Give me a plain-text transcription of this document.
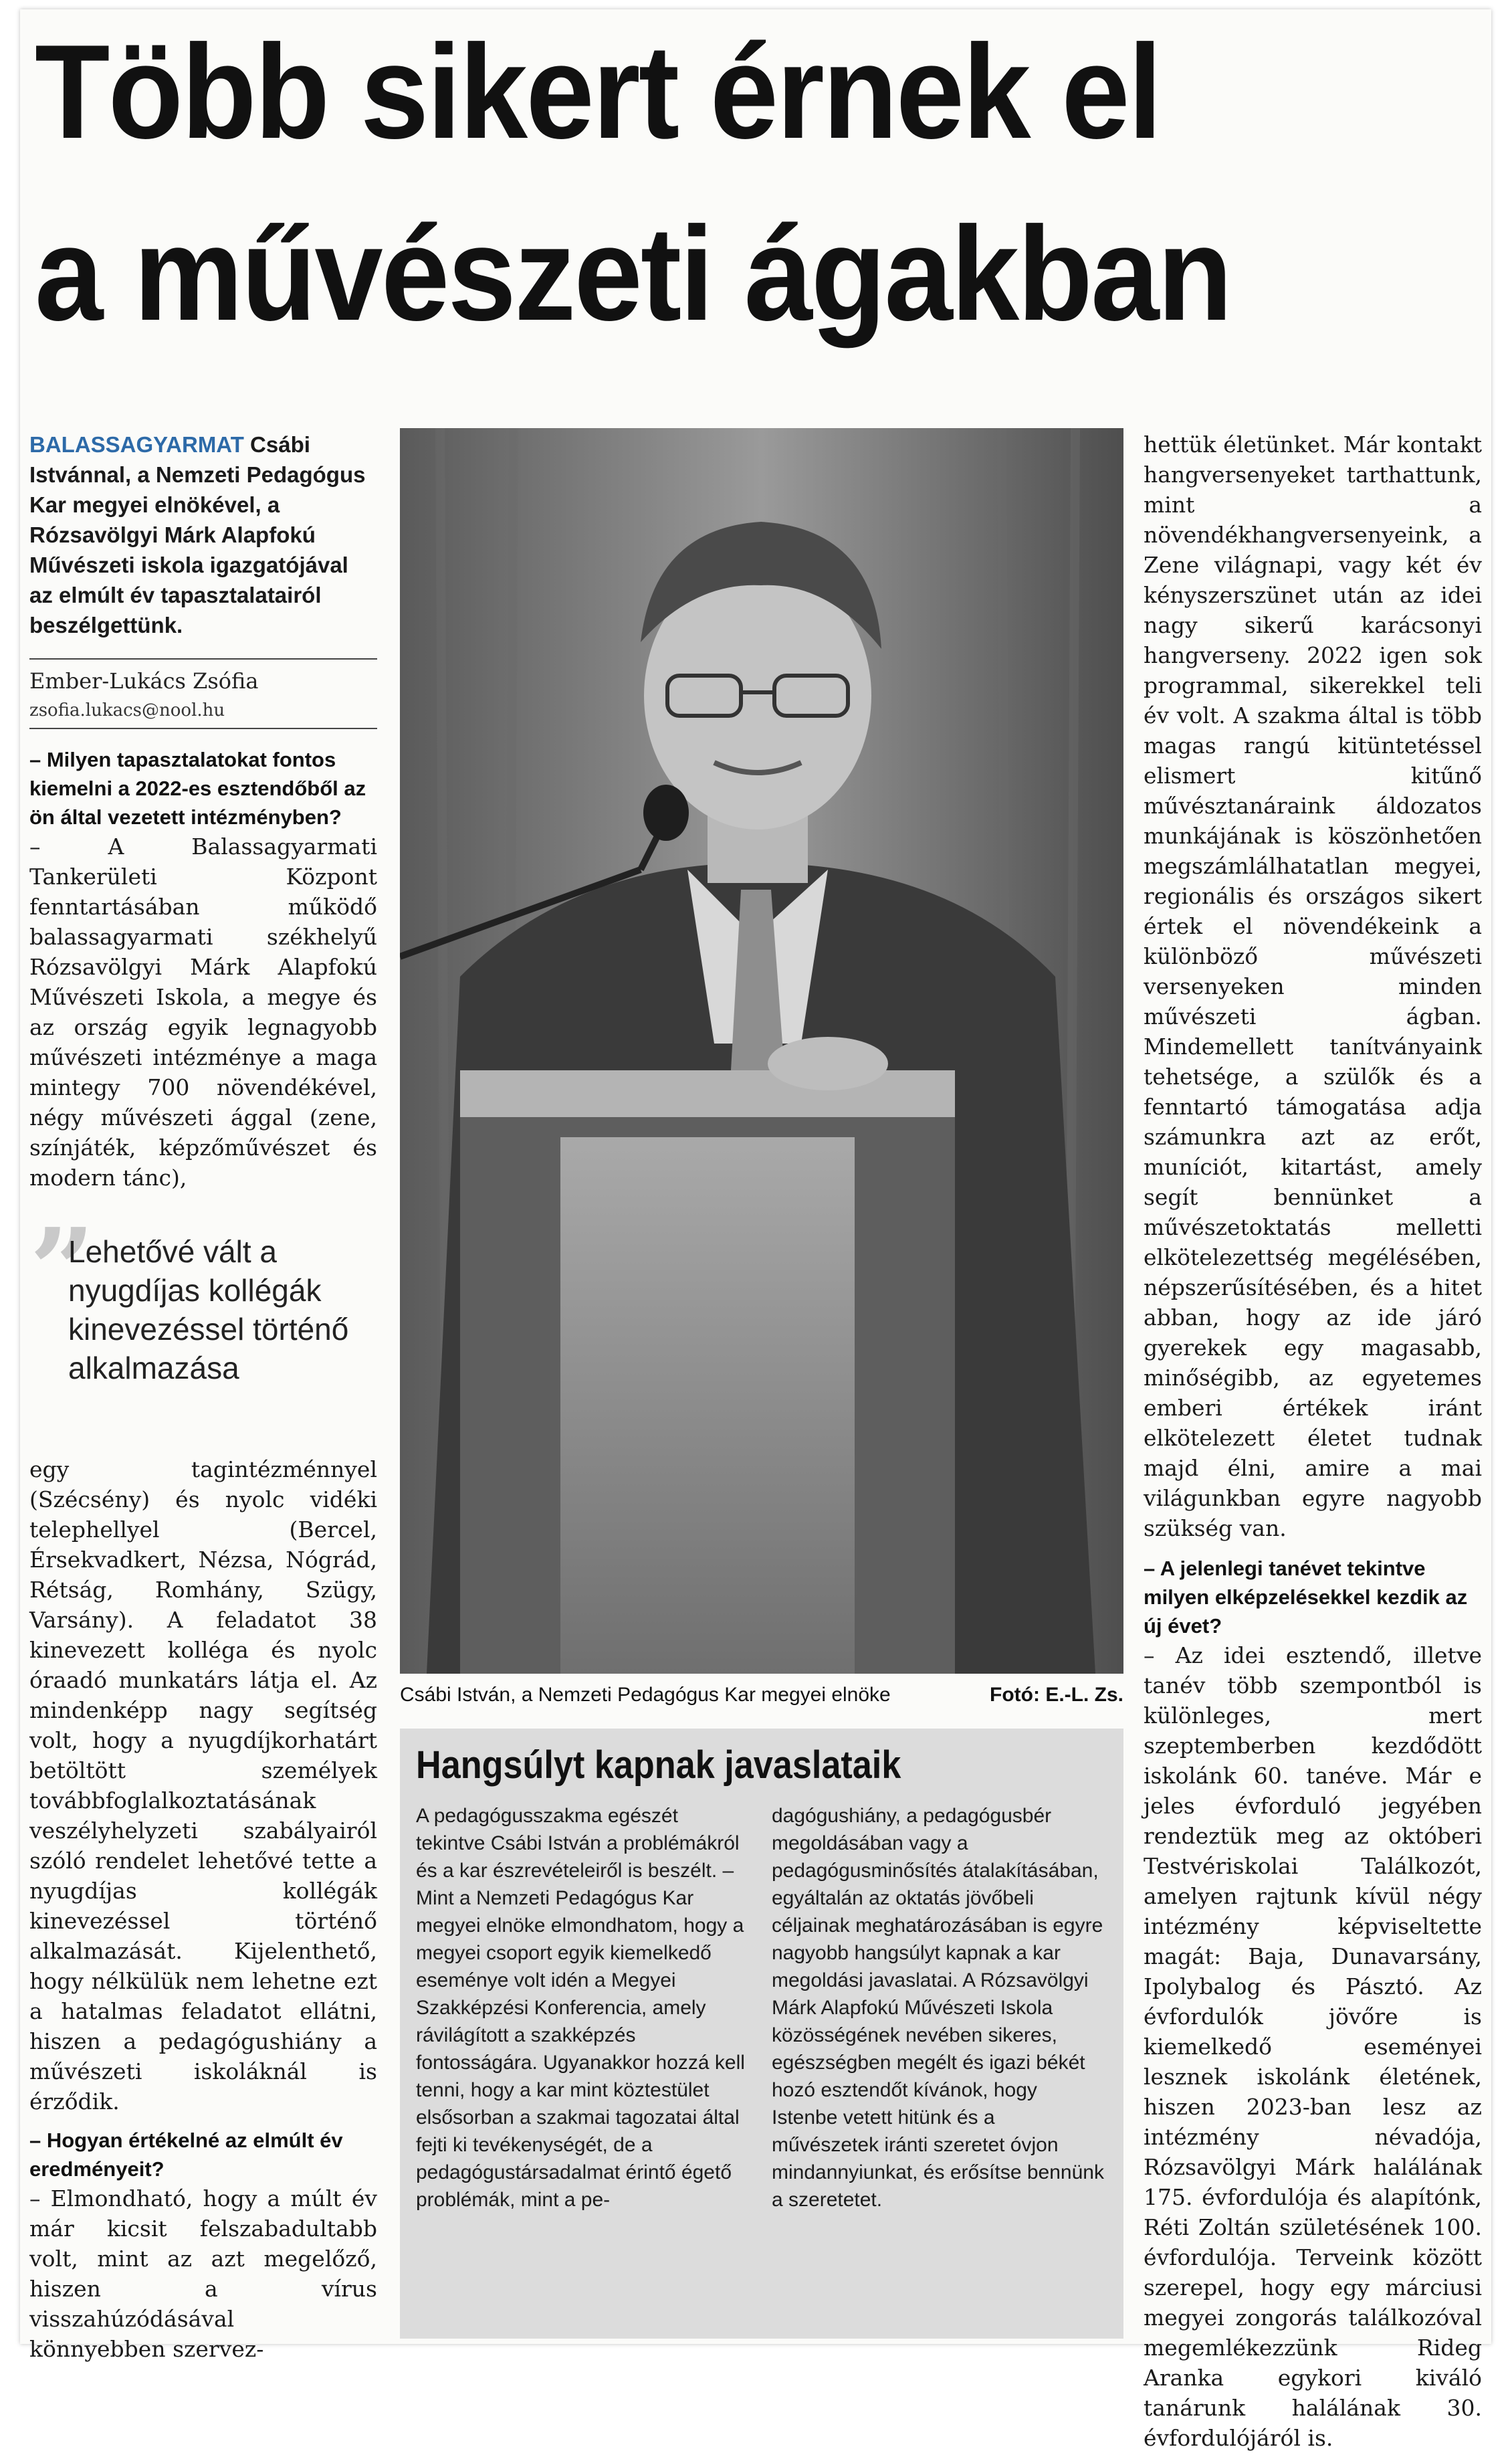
Több sikert érnek el
a művészeti ágakban

BALASSAGYARMAT Csábi Istvánnal, a Nemzeti Pedagógus Kar megyei elnökével, a Rózsavölgyi Márk Alapfokú Művészeti iskola igazgatójával az elmúlt év tapasztalatairól beszélgettünk.

Ember-Lukács Zsófia
zsofia.lukacs@nool.hu

– Milyen tapasztalatokat fontos kiemelni a 2022-es esztendőből az ön által vezetett intézményben?

– A Balassagyarmati Tankerületi Központ fenntartásában működő balassagyarmati székhelyű Rózsavölgyi Márk Alapfokú Művészeti Iskola, a megye és az ország egyik legnagyobb művészeti intézménye a maga mintegy 700 növendékével, négy művészeti ággal (zene, színjáték, képzőművészet és modern tánc),

”

Lehetővé vált a nyugdíjas kollégák kinevezéssel történő alkalmazása

egy tagintézménnyel (Szécsény) és nyolc vidéki telephellyel (Bercel, Érsekvadkert, Nézsa, Nógrád, Rétság, Romhány, Szügy, Varsány). A feladatot 38 kinevezett kolléga és nyolc óraadó munkatárs látja el. Az mindenképp nagy segítség volt, hogy a nyugdíjkorhatárt betöltött személyek továbbfoglalkoztatásának veszélyhelyzeti szabályairól szóló rendelet lehetővé tette a nyugdíjas kollégák kinevezéssel történő alkalmazását. Kijelenthető, hogy nélkülük nem lehetne ezt a hatalmas feladatot ellátni, hiszen a pedagógushiány a művészeti iskoláknál is érződik.

– Hogyan értékelné az elmúlt év eredményeit?

– Elmondható, hogy a múlt év már kicsit felszabadultabb volt, mint az azt megelőző, hiszen a vírus visszahúzódásával könnyebben szervez-

Csábi István, a Nemzeti Pedagógus Kar megyei elnöke	Fotó: E.-L. Zs.
Hangsúlyt kapnak javaslataik

A pedagógusszakma egészét tekintve Csábi István a problémákról és a kar észrevételeiről is beszélt. – Mint a Nemzeti Pedagógus Kar megyei elnöke elmondhatom, hogy a megyei csoport egyik kiemelkedő eseménye volt idén a Megyei Szakképzési Konferencia, amely rávilágított a szakképzés fontosságára. Ugyanakkor hozzá kell tenni, hogy a kar mint köztestület elsősorban a szakmai tagozatai által fejti ki tevékenységét, de a pedagógustársadalmat érintő égető problémák, mint a pe-

dagógushiány, a pedagógusbér megoldásában vagy a pedagógusminősítés átalakításában, egyáltalán az oktatás jövőbeli céljainak meghatározásában is egyre nagyobb hangsúlyt kapnak a kar megoldási javaslatai. A Rózsavölgyi Márk Alapfokú Művészeti Iskola közösségének nevében sikeres, egészségben megélt és igazi békét hozó esztendőt kívánok, hogy Istenbe vetett hitünk és a művészetek iránti szeretet óvjon mindannyiunkat, és erősítse bennünk a szeretetet.

hettük életünket. Már kontakt hangversenyeket tarthattunk, mint a növendékhangversenyeink, a Zene világnapi, vagy két év kényszerszünet után az idei nagy sikerű karácsonyi hangverseny. 2022 igen sok programmal, sikerekkel teli év volt. A szakma által is több magas rangú kitüntetéssel elismert kitűnő művésztanáraink áldozatos munkájának is köszönhetően megszámlálhatatlan megyei, regionális és országos sikert értek el növendékeink a különböző művészeti versenyeken minden művészeti ágban. Mindemellett tanítványaink tehetsége, a szülők és a fenntartó támogatása adja számunkra azt az erőt, muníciót, kitartást, amely segít bennünket a művészetoktatás melletti elkötelezettség megélésében, népszerűsítésében, és a hitet abban, hogy az ide járó gyerekek egy magasabb, minőségibb, az egyetemes emberi értékek iránt elkötelezett életet tudnak majd élni, amire a mai világunkban egyre nagyobb szükség van.

– A jelenlegi tanévet tekintve milyen elképzelésekkel kezdik az új évet?

– Az idei esztendő, illetve tanév több szempontból is különleges, mert szeptemberben kezdődött iskolánk 60. tanéve. Már e jeles évforduló jegyében rendeztük meg az októberi Testvériskolai Találkozót, amelyen rajtunk kívül négy intézmény képviseltette magát: Baja, Dunavarsány, Ipolybalog és Pásztó. Az évfordulók jövőre is kiemelkedő eseményei lesznek iskolánk életének, hiszen 2023-ban lesz az intézmény névadója, Rózsavölgyi Márk halálának 175. évfordulója és alapítónk, Réti Zoltán születésének 100. évfordulója. Terveink között szerepel, hogy egy márciusi megyei zongorás találkozóval megemlékezzünk Rideg Aranka egykori kiváló tanárunk halálának 30. évfordulójáról is.
